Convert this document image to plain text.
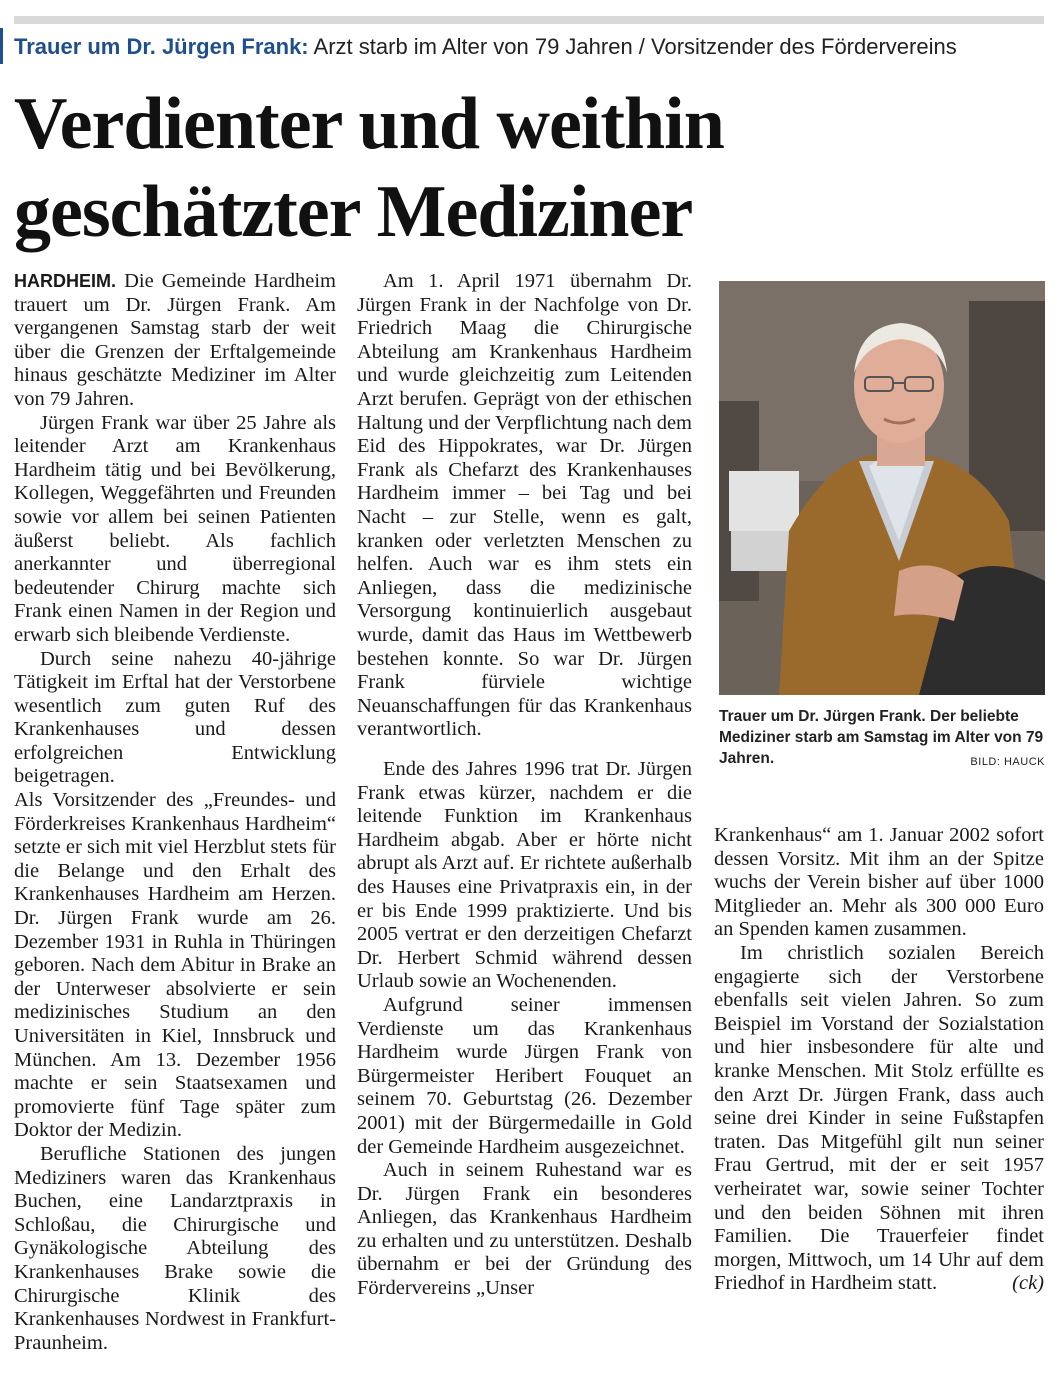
Trauer um Dr. Jürgen Frank: Arzt starb im Alter von 79 Jahren / Vorsitzender des Fördervereins
Verdienter und weithin
geschätzter Mediziner

HARDHEIM. Die Gemeinde Hardheim trauert um Dr. Jürgen Frank. Am vergangenen Samstag starb der weit über die Grenzen der Erftalgemeinde hinaus geschätzte Mediziner im Alter von 79 Jahren.

Jürgen Frank war über 25 Jahre als leitender Arzt am Krankenhaus Hardheim tätig und bei Bevölkerung, Kollegen, Weggefährten und Freunden sowie vor allem bei seinen Patienten äußerst beliebt. Als fachlich anerkannter und überregional bedeutender Chirurg machte sich Frank einen Namen in der Region und erwarb sich bleibende Verdienste.

Durch seine nahezu 40-jährige Tätigkeit im Erftal hat der Verstorbene wesentlich zum guten Ruf des Krankenhauses und dessen erfolgreichen Entwicklung beigetragen.

Als Vorsitzender des „Freundes- und Förderkreises Krankenhaus Hardheim“ setzte er sich mit viel Herzblut stets für die Belange und den Erhalt des Krankenhauses Hardheim am Herzen. Dr. Jürgen Frank wurde am 26. Dezember 1931 in Ruhla in Thüringen geboren. Nach dem Abitur in Brake an der Unterweser absolvierte er sein medizinisches Studium an den Universitäten in Kiel, Innsbruck und München. Am 13. Dezember 1956 machte er sein Staatsexamen und promovierte fünf Tage später zum Doktor der Medizin.

Berufliche Stationen des jungen Mediziners waren das Krankenhaus Buchen, eine Landarztpraxis in Schloßau, die Chirurgische und Gynäkologische Abteilung des Krankenhauses Brake sowie die Chirurgische Klinik des Krankenhauses Nordwest in Frankfurt-Praunheim.

Am 1. April 1971 übernahm Dr. Jürgen Frank in der Nachfolge von Dr. Friedrich Maag die Chirurgische Abteilung am Krankenhaus Hardheim und wurde gleichzeitig zum Leitenden Arzt berufen. Geprägt von der ethischen Haltung und der Verpflichtung nach dem Eid des Hippokrates, war Dr. Jürgen Frank als Chefarzt des Krankenhauses Hardheim immer – bei Tag und bei Nacht – zur Stelle, wenn es galt, kranken oder verletzten Menschen zu helfen. Auch war es ihm stets ein Anliegen, dass die medizinische Versorgung kontinuierlich ausgebaut wurde, damit das Haus im Wettbewerb bestehen konnte. So war Dr. Jürgen Frank fürviele wichtige Neuanschaffungen für das Krankenhaus verantwortlich.

Ende des Jahres 1996 trat Dr. Jürgen Frank etwas kürzer, nachdem er die leitende Funktion im Krankenhaus Hardheim abgab. Aber er hörte nicht abrupt als Arzt auf. Er richtete außerhalb des Hauses eine Privatpraxis ein, in der er bis Ende 1999 praktizierte. Und bis 2005 vertrat er den derzeitigen Chefarzt Dr. Herbert Schmid während dessen Urlaub sowie an Wochenenden.

Aufgrund seiner immensen Verdienste um das Krankenhaus Hardheim wurde Jürgen Frank von Bürgermeister Heribert Fouquet an seinem 70. Geburtstag (26. Dezember 2001) mit der Bürgermedaille in Gold der Gemeinde Hardheim ausgezeichnet.

Auch in seinem Ruhestand war es Dr. Jürgen Frank ein besonderes Anliegen, das Krankenhaus Hardheim zu erhalten und zu unterstützen. Deshalb übernahm er bei der Gründung des Fördervereins „Unser

Trauer um Dr. Jürgen Frank. Der beliebte Mediziner starb am Samstag im Alter von 79 Jahren.	BILD: HAUCK

Krankenhaus“ am 1. Januar 2002 sofort dessen Vorsitz. Mit ihm an der Spitze wuchs der Verein bisher auf über 1000 Mitglieder an. Mehr als 300 000 Euro an Spenden kamen zusammen.

Im christlich sozialen Bereich engagierte sich der Verstorbene ebenfalls seit vielen Jahren. So zum Beispiel im Vorstand der Sozialstation und hier insbesondere für alte und kranke Menschen. Mit Stolz erfüllte es den Arzt Dr. Jürgen Frank, dass auch seine drei Kinder in seine Fußstapfen traten. Das Mitgefühl gilt nun seiner Frau Gertrud, mit der er seit 1957 verheiratet war, sowie seiner Tochter und den beiden Söhnen mit ihren Familien. Die Trauerfeier findet morgen, Mittwoch, um 14 Uhr auf dem Friedhof in Hardheim statt.	(ck)
